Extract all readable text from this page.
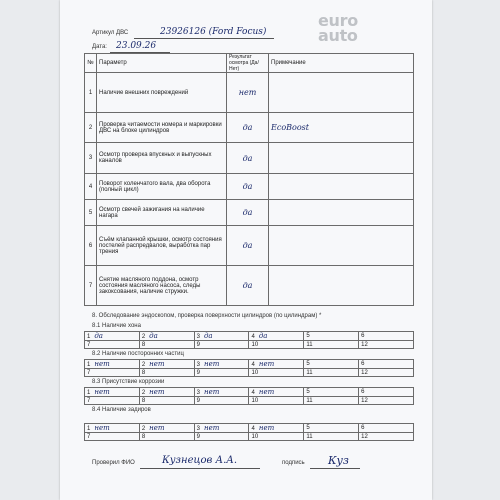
euro
auto
Артикул ДВС	23926126 (Ford Focus)
Дата: 23.09.26
№	Параметр	Результат осмотра (Да/Нет)	Примечание
1	Наличие внешних повреждений	нет	
2	Проверка читаемости номера и маркировки ДВС на блоке цилиндров	да	EcoBoost
3	Осмотр проверка впускных и выпускных каналов	да	
4	Поворот коленчатого вала, два оборота (полный цикл)	да	
5	Осмотр свечей зажигания на наличие нагара	да	
6	Съём клапанной крышки, осмотр состояния постелей распредвалов, выработка пар трения	да	
7	Снятие масляного поддона, осмотр состояния масляного насоса, следы закоксования, наличие стружки.	да	
8. Обследование эндоскопом, проверка поверхности цилиндров (по цилиндрам) *
8.1 Наличие хона
1 да	2 да	3 да	4 да	5	6
7	8	9	10	11	12
8.2 Наличие посторонних частиц
1 нет	2 нет	3 нет	4 нет	5	6
7	8	9	10	11	12
8.3 Присутствие коррозии
1 нет	2 нет	3 нет	4 нет	5	6
7	8	9	10	11	12
8.4 Наличие задиров
1 нет	2 нет	3 нет	4 нет	5	6
7	8	9	10	11	12
Проверил ФИО	Кузнецов А.А.	подпись Куз
